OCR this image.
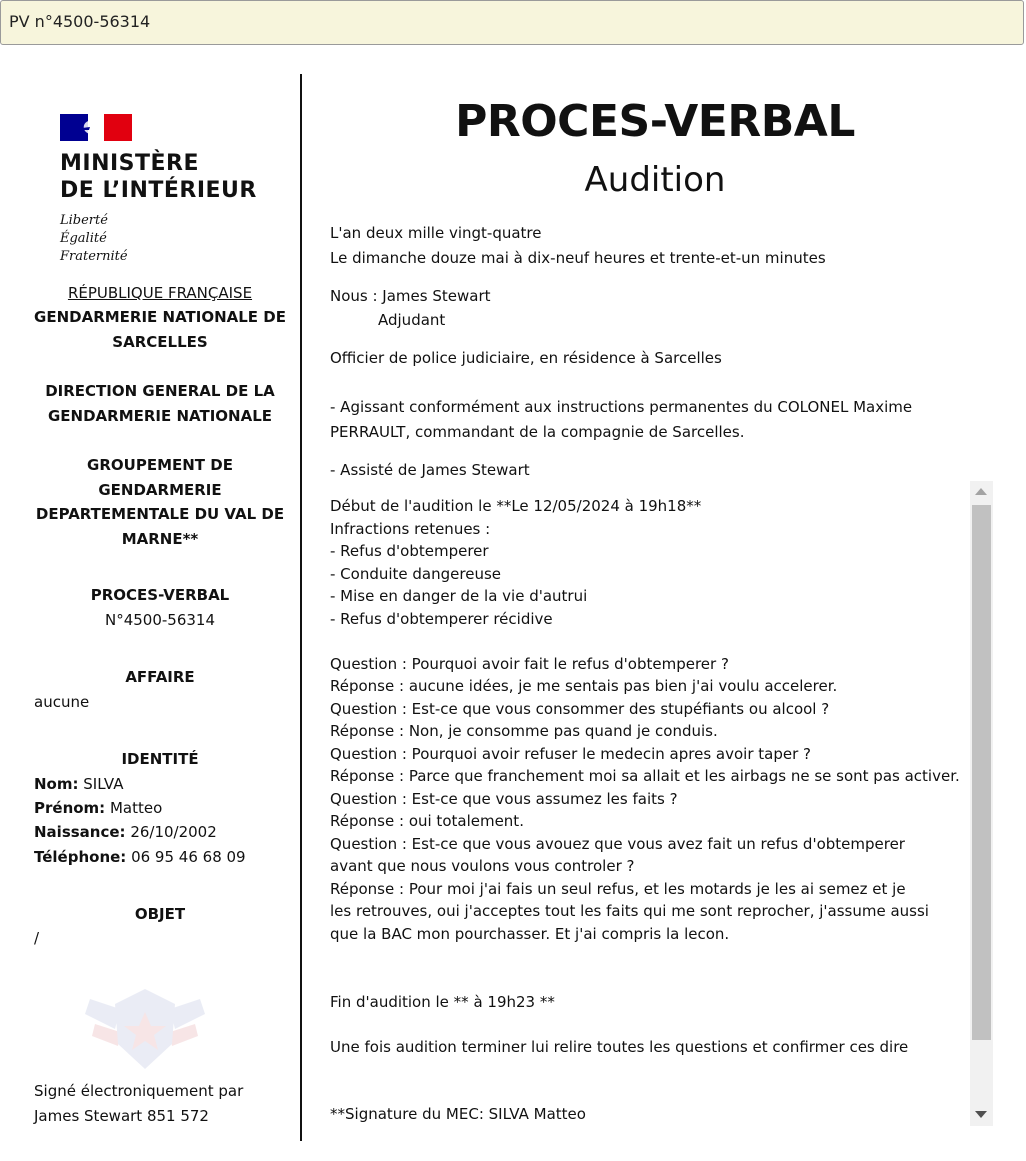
PV n°4500-56314
MINISTÈRE
DE L’INTÉRIEUR
Liberté
Égalité
Fraternité
RÉPUBLIQUE FRANÇAISE
GENDARMERIE NATIONALE DE SARCELLES
DIRECTION GENERAL DE LA GENDARMERIE NATIONALE
GROUPEMENT DE GENDARMERIE DEPARTEMENTALE DU VAL DE MARNE**
PROCES-VERBAL
N°4500-56314
AFFAIRE
aucune
IDENTITÉ
Nom: SILVA
Prénom: Matteo
Naissance: 26/10/2002
Téléphone: 06 95 46 68 09
OBJET
/
Signé électroniquement par
James Stewart 851 572
PROCES-VERBAL
Audition
L'an deux mille vingt-quatre
Le dimanche douze mai à dix-neuf heures et trente-et-un minutes
Nous : James Stewart
Adjudant
Officier de police judiciaire, en résidence à Sarcelles
- Agissant conformément aux instructions permanentes du COLONEL Maxime PERRAULT, commandant de la compagnie de Sarcelles.
- Assisté de James Stewart
Début de l'audition le **Le 12/05/2024 à 19h18**
Infractions retenues :
- Refus d'obtemperer
- Conduite dangereuse
- Mise en danger de la vie d'autrui
- Refus d'obtemperer récidive
Question : Pourquoi avoir fait le refus d'obtemperer ?
Réponse : aucune idées, je me sentais pas bien j'ai voulu accelerer.
Question : Est-ce que vous consommer des stupéfiants ou alcool ?
Réponse : Non, je consomme pas quand je conduis.
Question : Pourquoi avoir refuser le medecin apres avoir taper ?
Réponse : Parce que franchement moi sa allait et les airbags ne se sont pas activer.
Question : Est-ce que vous assumez les faits ?
Réponse : oui totalement.
Question : Est-ce que vous avouez que vous avez fait un refus d'obtemperer avant que nous voulons vous controler ?
Réponse : Pour moi j'ai fais un seul refus, et les motards je les ai semez et je les retrouves, oui j'acceptes tout les faits qui me sont reprocher, j'assume aussi que la BAC mon pourchasser. Et j'ai compris la lecon.
Fin d'audition le ** à 19h23 **
Une fois audition terminer lui relire toutes les questions et confirmer ces dire
**Signature du MEC: SILVA Matteo
